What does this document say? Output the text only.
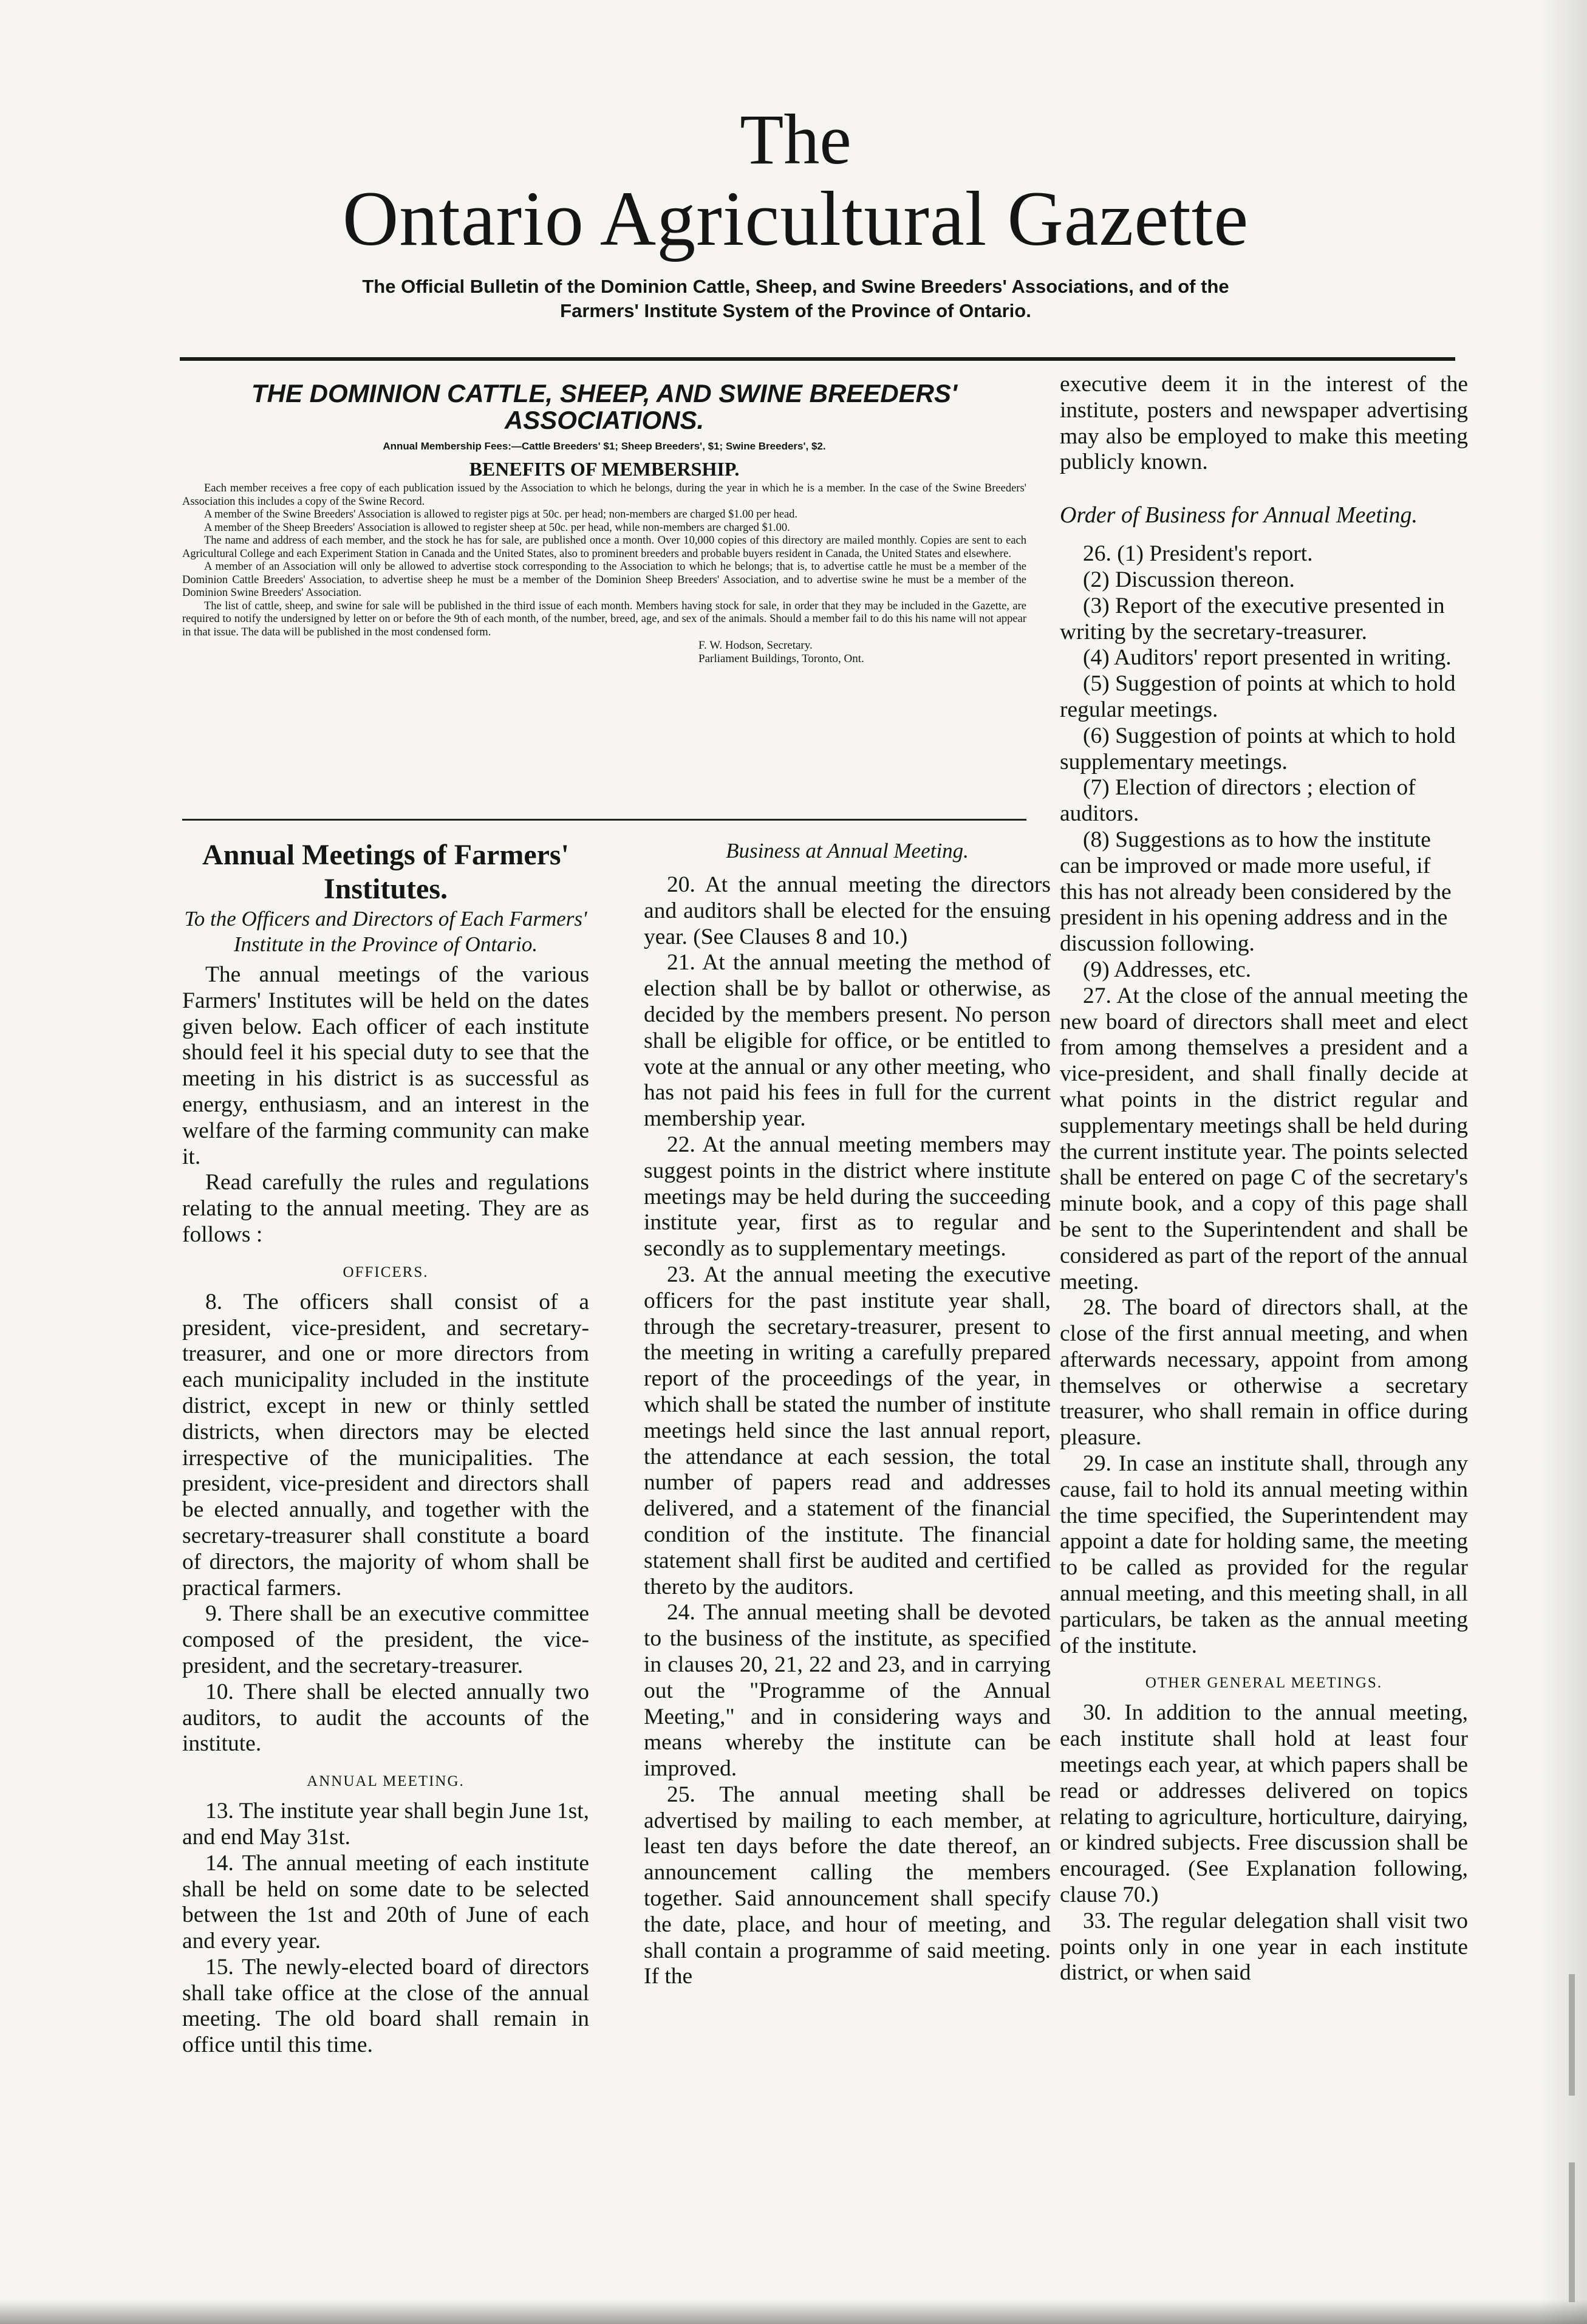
The
Ontario Agricultural Gazette
The Official Bulletin of the Dominion Cattle, Sheep, and Swine Breeders' Associations, and of the
Farmers' Institute System of the Province of Ontario.
THE DOMINION CATTLE, SHEEP, AND SWINE BREEDERS' ASSOCIATIONS.
Annual Membership Fees:—Cattle Breeders' $1; Sheep Breeders', $1; Swine Breeders', $2.
BENEFITS OF MEMBERSHIP.

Each member receives a free copy of each publication issued by the Association to which he belongs, during the year in which he is a member. In the case of the Swine Breeders' Association this includes a copy of the Swine Record.

A member of the Swine Breeders' Association is allowed to register pigs at 50c. per head; non-members are charged $1.00 per head.

A member of the Sheep Breeders' Association is allowed to register sheep at 50c. per head, while non-members are charged $1.00.

The name and address of each member, and the stock he has for sale, are published once a month. Over 10,000 copies of this directory are mailed monthly. Copies are sent to each Agricultural College and each Experiment Station in Canada and the United States, also to prominent breeders and probable buyers resident in Canada, the United States and elsewhere.

A member of an Association will only be allowed to advertise stock corresponding to the Association to which he belongs; that is, to advertise cattle he must be a member of the Dominion Cattle Breeders' Association, to advertise sheep he must be a member of the Dominion Sheep Breeders' Association, and to advertise swine he must be a member of the Dominion Swine Breeders' Association.

The list of cattle, sheep, and swine for sale will be published in the third issue of each month. Members having stock for sale, in order that they may be included in the Gazette, are required to notify the undersigned by letter on or before the 9th of each month, of the number, breed, age, and sex of the animals. Should a member fail to do this his name will not appear in that issue. The data will be published in the most condensed form.

F. W. Hodson, Secretary.

Parliament Buildings, Toronto, Ont.

Annual Meetings of Farmers' Institutes.
To the Officers and Directors of Each Farmers' Institute in the Province of Ontario.

The annual meetings of the various Farmers' Institutes will be held on the dates given below. Each officer of each institute should feel it his special duty to see that the meeting in his district is as successful as energy, enthusiasm, and an interest in the welfare of the farming community can make it.

Read carefully the rules and regulations relating to the annual meeting. They are as follows :

OFFICERS.

8. The officers shall consist of a president, vice-president, and secretary-treasurer, and one or more directors from each municipality included in the institute district, except in new or thinly settled districts, when directors may be elected irrespective of the municipalities. The president, vice-president and directors shall be elected annually, and together with the secretary-treasurer shall constitute a board of directors, the majority of whom shall be practical farmers.

9. There shall be an executive committee composed of the president, the vice-president, and the secretary-treasurer.

10. There shall be elected annually two auditors, to audit the accounts of the institute.

ANNUAL MEETING.

13. The institute year shall begin June 1st, and end May 31st.

14. The annual meeting of each institute shall be held on some date to be selected between the 1st and 20th of June of each and every year.

15. The newly-elected board of directors shall take office at the close of the annual meeting. The old board shall remain in office until this time.

Business at Annual Meeting.

20. At the annual meeting the directors and auditors shall be elected for the ensuing year. (See Clauses 8 and 10.)

21. At the annual meeting the method of election shall be by ballot or otherwise, as decided by the members present. No person shall be eligible for office, or be entitled to vote at the annual or any other meeting, who has not paid his fees in full for the current membership year.

22. At the annual meeting members may suggest points in the district where institute meetings may be held during the succeeding institute year, first as to regular and secondly as to supplementary meetings.

23. At the annual meeting the executive officers for the past institute year shall, through the secretary-treasurer, present to the meeting in writing a carefully prepared report of the proceedings of the year, in which shall be stated the number of institute meetings held since the last annual report, the attendance at each session, the total number of papers read and addresses delivered, and a statement of the financial condition of the institute. The financial statement shall first be audited and certified thereto by the auditors.

24. The annual meeting shall be devoted to the business of the institute, as specified in clauses 20, 21, 22 and 23, and in carrying out the "Programme of the Annual Meeting," and in considering ways and means whereby the institute can be improved.

25. The annual meeting shall be advertised by mailing to each member, at least ten days before the date thereof, an announcement calling the members together. Said announcement shall specify the date, place, and hour of meeting, and shall contain a programme of said meeting. If the

executive deem it in the interest of the institute, posters and newspaper advertising may also be employed to make this meeting publicly known.

Order of Business for Annual Meeting.

26. (1) President's report.

(2) Discussion thereon.

(3) Report of the executive presented in writing by the secretary-treasurer.

(4) Auditors' report presented in writing.

(5) Suggestion of points at which to hold regular meetings.

(6) Suggestion of points at which to hold supplementary meetings.

(7) Election of directors ; election of auditors.

(8) Suggestions as to how the institute can be improved or made more useful, if this has not already been considered by the president in his opening address and in the discussion following.

(9) Addresses, etc.

27. At the close of the annual meeting the new board of directors shall meet and elect from among themselves a president and a vice-president, and shall finally decide at what points in the district regular and supplementary meetings shall be held during the current institute year. The points selected shall be entered on page C of the secretary's minute book, and a copy of this page shall be sent to the Superintendent and shall be considered as part of the report of the annual meeting.

28. The board of directors shall, at the close of the first annual meeting, and when afterwards necessary, appoint from among themselves or otherwise a secretary treasurer, who shall remain in office during pleasure.

29. In case an institute shall, through any cause, fail to hold its annual meeting within the time specified, the Superintendent may appoint a date for holding same, the meeting to be called as provided for the regular annual meeting, and this meeting shall, in all particulars, be taken as the annual meeting of the institute.

OTHER GENERAL MEETINGS.

30. In addition to the annual meeting, each institute shall hold at least four meetings each year, at which papers shall be read or addresses delivered on topics relating to agriculture, horticulture, dairying, or kindred subjects. Free discussion shall be encouraged. (See Explanation following, clause 70.)

33. The regular delegation shall visit two points only in one year in each institute district, or when said
